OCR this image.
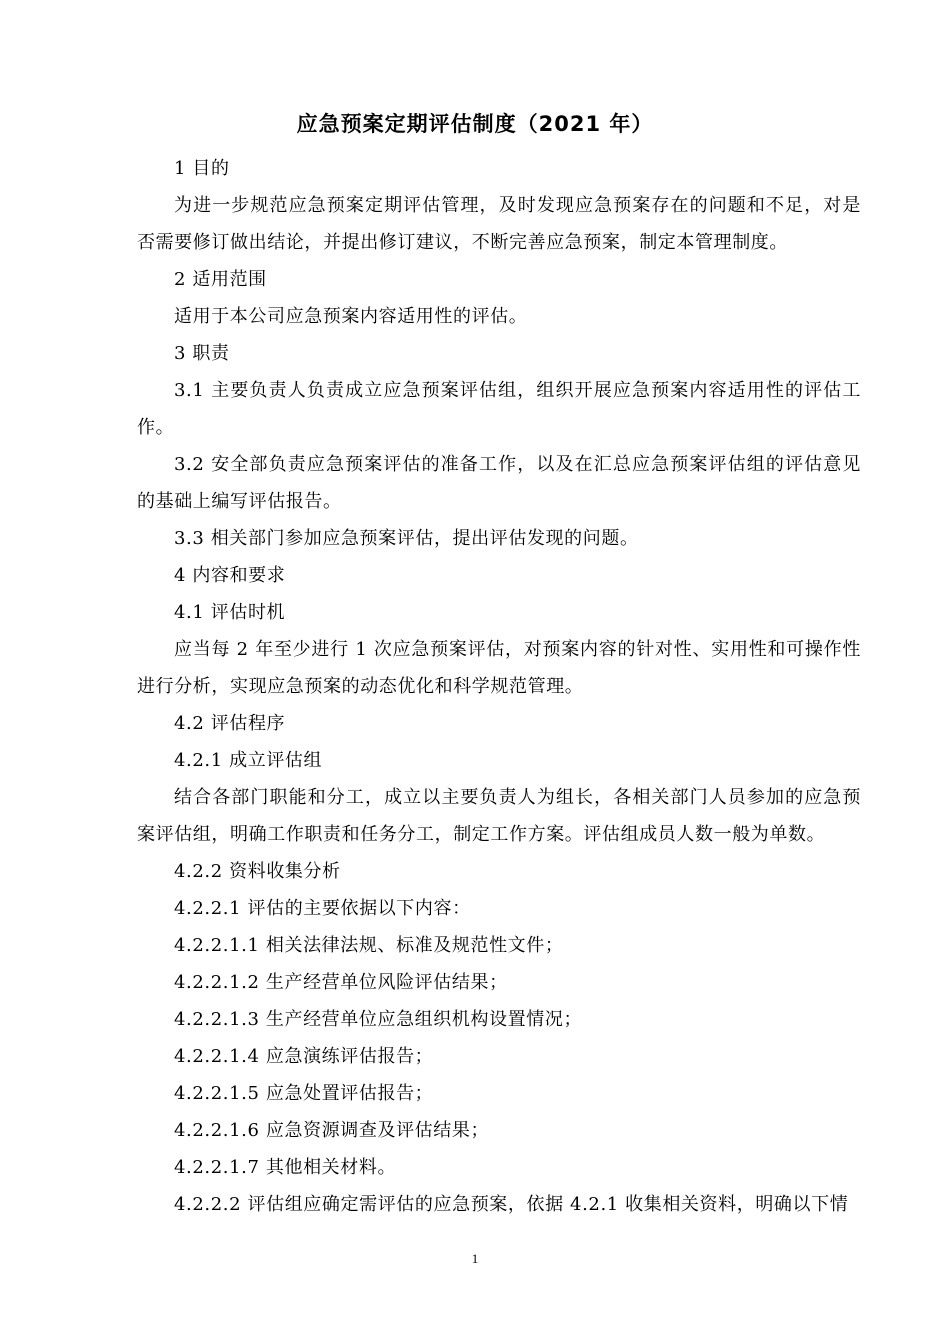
应急预案定期评估制度（2021 年）

1 目的

为进一步规范应急预案定期评估管理，及时发现应急预案存在的问题和不足，对是否需要修订做出结论，并提出修订建议，不断完善应急预案，制定本管理制度。

2 适用范围

适用于本公司应急预案内容适用性的评估。

3 职责

3.1 主要负责人负责成立应急预案评估组，组织开展应急预案内容适用性的评估工作。

3.2 安全部负责应急预案评估的准备工作，以及在汇总应急预案评估组的评估意见的基础上编写评估报告。

3.3 相关部门参加应急预案评估，提出评估发现的问题。

4 内容和要求

4.1 评估时机

应当每 2 年至少进行 1 次应急预案评估，对预案内容的针对性、实用性和可操作性进行分析，实现应急预案的动态优化和科学规范管理。

4.2 评估程序

4.2.1 成立评估组

结合各部门职能和分工，成立以主要负责人为组长，各相关部门人员参加的应急预案评估组，明确工作职责和任务分工，制定工作方案。评估组成员人数一般为单数。

4.2.2 资料收集分析

4.2.2.1 评估的主要依据以下内容：

4.2.2.1.1 相关法律法规、标准及规范性文件；

4.2.2.1.2 生产经营单位风险评估结果；

4.2.2.1.3 生产经营单位应急组织机构设置情况；

4.2.2.1.4 应急演练评估报告；

4.2.2.1.5 应急处置评估报告；

4.2.2.1.6 应急资源调查及评估结果；

4.2.2.1.7 其他相关材料。

4.2.2.2 评估组应确定需评估的应急预案，依据 4.2.1 收集相关资料，明确以下情

1
